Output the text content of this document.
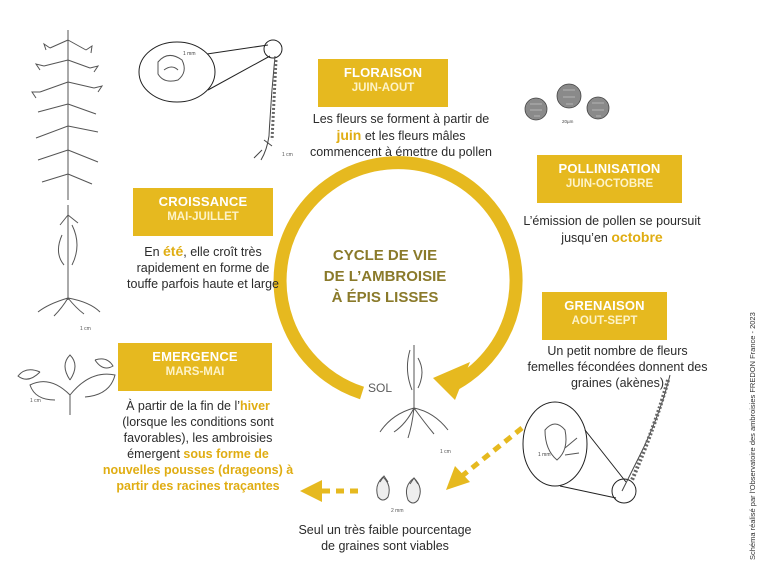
1 cm
1 cm
1 mm
1 cm
20µm
1 mm
1 cm
2 mm
CYCLE DE VIE
DE L’AMBROISIE
À ÉPIS LISSES
SOL
FLORAISON
JUIN-AOUT
Les fleurs se forment à partir de
juin et les fleurs mâles
commencent à émettre du pollen
POLLINISATION
JUIN-OCTOBRE
L’émission de pollen se poursuit
jusqu’en octobre
CROISSANCE
MAI-JUILLET
En été, elle croît très
rapidement en forme de
touffe parfois haute et large
GRENAISON
AOUT-SEPT
Un petit nombre de fleurs
femelles fécondées donnent des
graines (akènes)
EMERGENCE
MARS-MAI
À partir de la fin de l’hiver
(lorsque les conditions sont
favorables), les ambroisies
émergent sous forme de
nouvelles pousses (drageons) à
partir des racines traçantes
Seul un très faible pourcentage
de graines sont viables	Schéma réalisé par l'Observatoire des ambroisies FREDON France - 2023
